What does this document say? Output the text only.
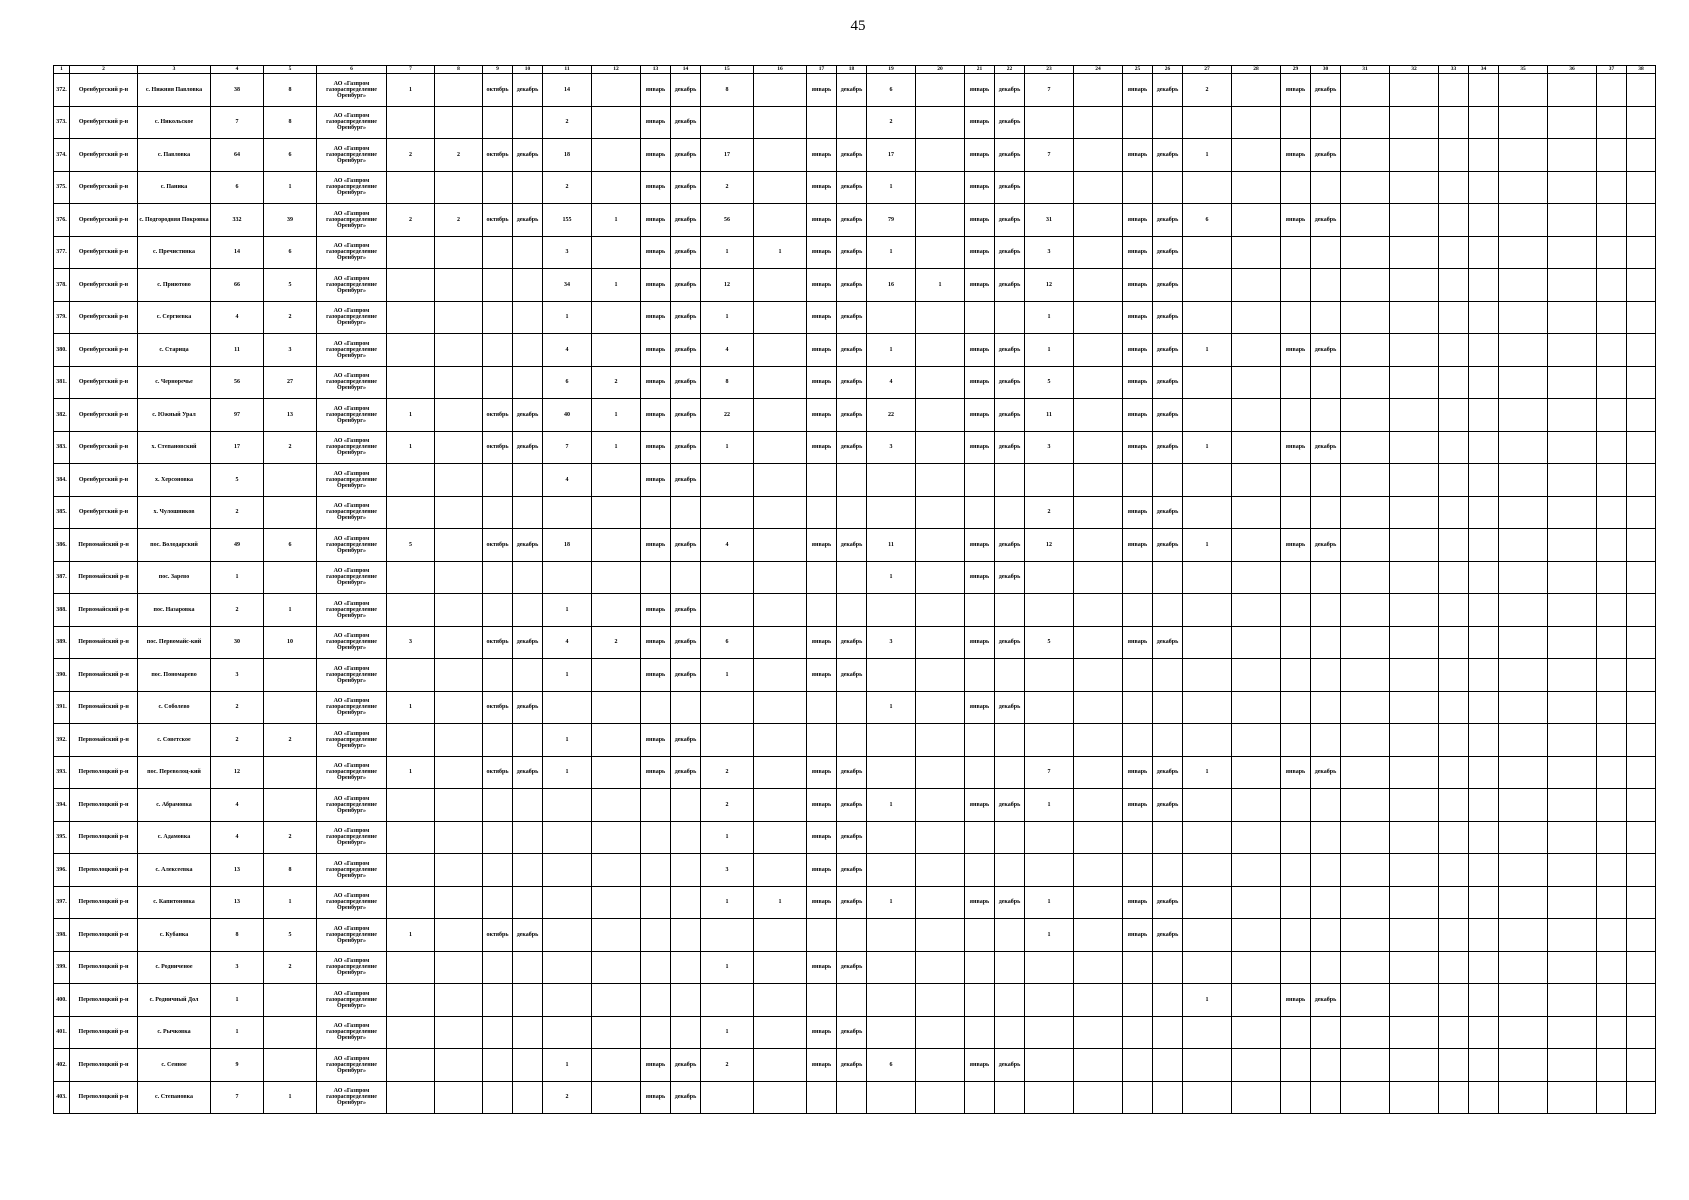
45
1	2	3	4	5	6	7	8	9	10	11	12	13	14	15	16	17	18	19	20	21	22	23	24	25	26	27	28	29	30	31	32	33	34	35	36	37	38
372.	Оренбургский р-н	с. Нижняя Павловка	38	8	АО «Газпром газораспределение Оренбург»	1		октябрь	декабрь	14		январь	декабрь	8		январь	декабрь	6		январь	декабрь	7		январь	декабрь	2		январь	декабрь								
373.	Оренбургский р-н	с. Никольское	7	8	АО «Газпром газораспределение Оренбург»					2		январь	декабрь					2		январь	декабрь																
374.	Оренбургский р-н	с. Павловка	64	6	АО «Газпром газораспределение Оренбург»	2	2	октябрь	декабрь	18		январь	декабрь	17		январь	декабрь	17		январь	декабрь	7		январь	декабрь	1		январь	декабрь								
375.	Оренбургский р-н	с. Паника	6	1	АО «Газпром газораспределение Оренбург»					2		январь	декабрь	2		январь	декабрь	1		январь	декабрь																
376.	Оренбургский р-н	с. Подгородняя Покровка	332	39	АО «Газпром газораспределение Оренбург»	2	2	октябрь	декабрь	155	1	январь	декабрь	56		январь	декабрь	79		январь	декабрь	31		январь	декабрь	6		январь	декабрь								
377.	Оренбургский р-н	с. Пречистинка	14	6	АО «Газпром газораспределение Оренбург»					3		январь	декабрь	1	1	январь	декабрь	1		январь	декабрь	3		январь	декабрь												
378.	Оренбургский р-н	с. Приютово	66	5	АО «Газпром газораспределение Оренбург»					34	1	январь	декабрь	12		январь	декабрь	16	1	январь	декабрь	12		январь	декабрь												
379.	Оренбургский р-н	с. Сергиевка	4	2	АО «Газпром газораспределение Оренбург»					1		январь	декабрь	1		январь	декабрь					1		январь	декабрь												
380.	Оренбургский р-н	с. Старица	11	3	АО «Газпром газораспределение Оренбург»					4		январь	декабрь	4		январь	декабрь	1		январь	декабрь	1		январь	декабрь	1		январь	декабрь								
381.	Оренбургский р-н	с. Черноречье	56	27	АО «Газпром газораспределение Оренбург»					6	2	январь	декабрь	8		январь	декабрь	4		январь	декабрь	5		январь	декабрь												
382.	Оренбургский р-н	с. Южный Урал	97	13	АО «Газпром газораспределение Оренбург»	1		октябрь	декабрь	40	1	январь	декабрь	22		январь	декабрь	22		январь	декабрь	11		январь	декабрь												
383.	Оренбургский р-н	х. Степановский	17	2	АО «Газпром газораспределение Оренбург»	1		октябрь	декабрь	7	1	январь	декабрь	1		январь	декабрь	3		январь	декабрь	3		январь	декабрь	1		январь	декабрь								
384.	Оренбургский р-н	х. Херсоновка	5		АО «Газпром газораспределение Оренбург»					4		январь	декабрь																								
385.	Оренбургский р-н	х. Чулошников	2		АО «Газпром газораспределение Оренбург»																	2		январь	декабрь												
386.	Первомайский р-н	пос. Володарский	49	6	АО «Газпром газораспределение Оренбург»	5		октябрь	декабрь	18		январь	декабрь	4		январь	декабрь	11		январь	декабрь	12		январь	декабрь	1		январь	декабрь								
387.	Первомайский р-н	пос. Зарево	1		АО «Газпром газораспределение Оренбург»													1		январь	декабрь																
388.	Первомайский р-н	пос. Назаровка	2	1	АО «Газпром газораспределение Оренбург»					1		январь	декабрь																								
389.	Первомайский р-н	пос. Первомайс-кий	30	10	АО «Газпром газораспределение Оренбург»	3		октябрь	декабрь	4	2	январь	декабрь	6		январь	декабрь	3		январь	декабрь	5		январь	декабрь												
390.	Первомайский р-н	пос. Пономарево	3		АО «Газпром газораспределение Оренбург»					1		январь	декабрь	1		январь	декабрь																				
391.	Первомайский р-н	с. Соболево	2		АО «Газпром газораспределение Оренбург»	1		октябрь	декабрь									1		январь	декабрь																
392.	Первомайский р-н	с. Советское	2	2	АО «Газпром газораспределение Оренбург»					1		январь	декабрь																								
393.	Переволоцкий р-н	пос. Переволоц-кий	12		АО «Газпром газораспределение Оренбург»	1		октябрь	декабрь	1		январь	декабрь	2		январь	декабрь					7		январь	декабрь	1		январь	декабрь								
394.	Переволоцкий р-н	с. Абрамовка	4		АО «Газпром газораспределение Оренбург»									2		январь	декабрь	1		январь	декабрь	1		январь	декабрь												
395.	Переволоцкий р-н	с. Адамовка	4	2	АО «Газпром газораспределение Оренбург»									1		январь	декабрь																				
396.	Переволоцкий р-н	с. Алексеевка	13	8	АО «Газпром газораспределение Оренбург»									3		январь	декабрь																				
397.	Переволоцкий р-н	с. Капитоновка	13	1	АО «Газпром газораспределение Оренбург»									1	1	январь	декабрь	1		январь	декабрь	1		январь	декабрь												
398.	Переволоцкий р-н	с. Кубанка	8	5	АО «Газпром газораспределение Оренбург»	1		октябрь	декабрь													1		январь	декабрь												
399.	Переволоцкий р-н	с. Родниченое	3	2	АО «Газпром газораспределение Оренбург»									1		январь	декабрь																				
400.	Переволоцкий р-н	с. Родничный Дол	1		АО «Газпром газораспределение Оренбург»																					1		январь	декабрь								
401.	Переволоцкий р-н	с. Рычковка	1		АО «Газпром газораспределение Оренбург»									1		январь	декабрь																				
402.	Переволоцкий р-н	с. Сенное	9		АО «Газпром газораспределение Оренбург»					1		январь	декабрь	2		январь	декабрь	6		январь	декабрь																
403.	Переволоцкий р-н	с. Степановка	7	1	АО «Газпром газораспределение Оренбург»					2		январь	декабрь																								
